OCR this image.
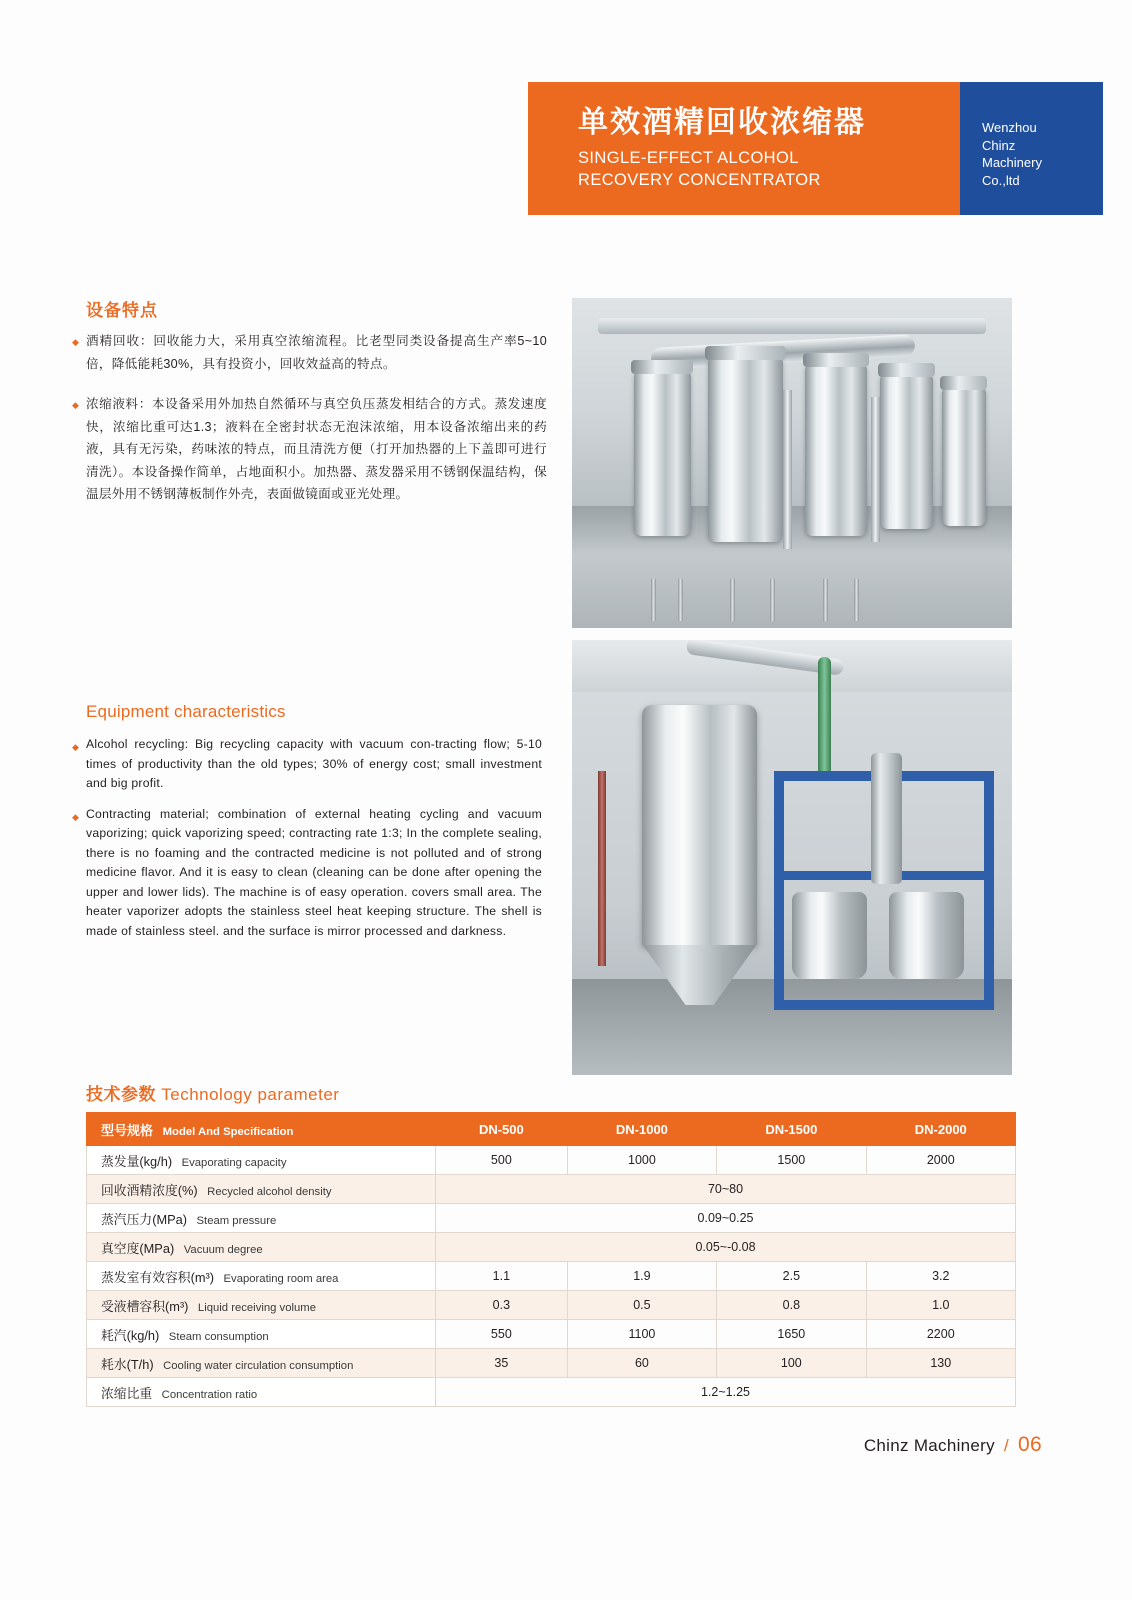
单效酒精回收浓缩器
SINGLE-EFFECT ALCOHOL
RECOVERY CONCENTRATOR
Wenzhou
Chinz
Machinery
Co.,ltd
设备特点
◆ 酒精回收：回收能力大，采用真空浓缩流程。比老型同类设备提高生产率5~10倍，降低能耗30%，具有投资小，回收效益高的特点。
◆ 浓缩液料：本设备采用外加热自然循环与真空负压蒸发相结合的方式。蒸发速度快，浓缩比重可达1.3；液料在全密封状态无泡沫浓缩，用本设备浓缩出来的药液，具有无污染，药味浓的特点，而且清洗方便（打开加热器的上下盖即可进行清洗）。本设备操作简单，占地面积小。加热器、蒸发器采用不锈钢保温结构，保温层外用不锈钢薄板制作外壳，表面做镜面或亚光处理。
Equipment characteristics
◆ Alcohol recycling: Big recycling capacity with vacuum con-tracting flow; 5-10 times of productivity than the old types; 30% of energy cost; small investment and big profit.
◆ Contracting material; combination of external heating cycling and vacuum vaporizing; quick vaporizing speed; contracting rate 1:3; In the complete sealing, there is no foaming and the contracted medicine is not polluted and of strong medicine flavor. And it is easy to clean (cleaning can be done after opening the upper and lower lids). The machine is of easy operation. covers small area. The heater vaporizer adopts the stainless steel heat keeping structure. The shell is made of stainless steel. and the surface is mirror processed and darkness.
技术参数 Technology parameter
型号规格 Model And Specification	DN-500	DN-1000	DN-1500	DN-2000
蒸发量(kg/h) Evaporating capacity	500	1000	1500	2000
回收酒精浓度(%) Recycled alcohol density	70~80			
蒸汽压力(MPa) Steam pressure	0.09~0.25			
真空度(MPa) Vacuum degree	0.05~-0.08			
蒸发室有效容积(m³) Evaporating room area	1.1	1.9	2.5	3.2
受液槽容积(m³) Liquid receiving volume	0.3	0.5	0.8	1.0
耗汽(kg/h) Steam consumption	550	1100	1650	2200
耗水(T/h) Cooling water circulation consumption	35	60	100	130
浓缩比重 Concentration ratio	1.2~1.25			
Chinz Machinery / 06
